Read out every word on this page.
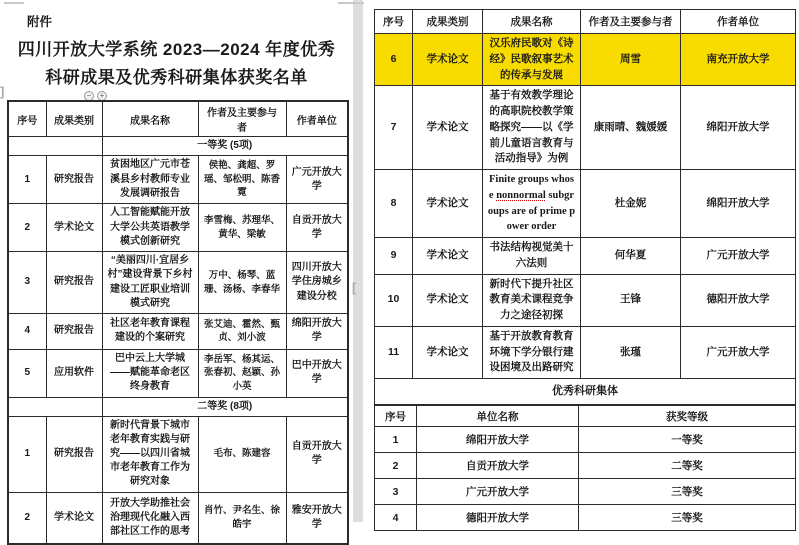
附件
四川开放大学系统 2023—2024 年度优秀
科研成果及优秀科研集体获奖名单
]	−	+
序号	成果类别	成果名称	作者及主要参与者	作者单位
		一等奖 (5项)		
1	研究报告	贫困地区广元市苍溪县乡村教师专业发展调研报告	侯艳、龚超、罗瑶、邹松明、陈香霓	广元开放大学
2	学术论文	人工智能赋能开放大学公共英语教学模式创新研究	李雪梅、苏理华、黄华、梁敏	自贡开放大学
3	研究报告	“美丽四川·宜居乡村”建设背景下乡村建设工匠职业培训模式研究	万中、杨琴、蓝珊、汤杨、李春华	四川开放大学住房城乡建设分校
4	研究报告	社区老年教育课程建设的个案研究	张艾迪、霍然、甄贞、刘小波	绵阳开放大学
5	应用软件	巴中云上大学城——赋能革命老区终身教育	李岳军、杨其运、张春初、赵颖、孙小英	巴中开放大学
		二等奖 (8项)		
1	研究报告	新时代背景下城市老年教育实践与研究——以四川省城市老年教育工作为研究对象	毛布、陈建容	自贡开放大学
2	学术论文	开放大学助推社会治理现代化融入西部社区工作的思考	肖竹、尹名生、徐皓宇	雅安开放大学
[
序号	成果类别	成果名称	作者及主要参与者	作者单位
6	学术论文	汉乐府民歌对《诗经》民歌叙事艺术的传承与发展	周雪	南充开放大学
7	学术论文	基于有效教学理论的高职院校教学策略探究——以《学前儿童语言教育与活动指导》为例	康雨晴、魏媛媛	绵阳开放大学
8	学术论文	Finite groups whose nonnormal subgroups are of prime power order	杜金妮	绵阳开放大学
9	学术论文	书法结构视觉美十六法则	何华夏	广元开放大学
10	学术论文	新时代下提升社区教育美术课程竞争力之途径初探	王锋	德阳开放大学
11	学术论文	基于开放教育教育环境下学分银行建设困境及出路研究	张瑾	广元开放大学
优秀科研集体				
序号	单位名称	获奖等级
1	绵阳开放大学	一等奖
2	自贡开放大学	二等奖
3	广元开放大学	三等奖
4	德阳开放大学	三等奖
